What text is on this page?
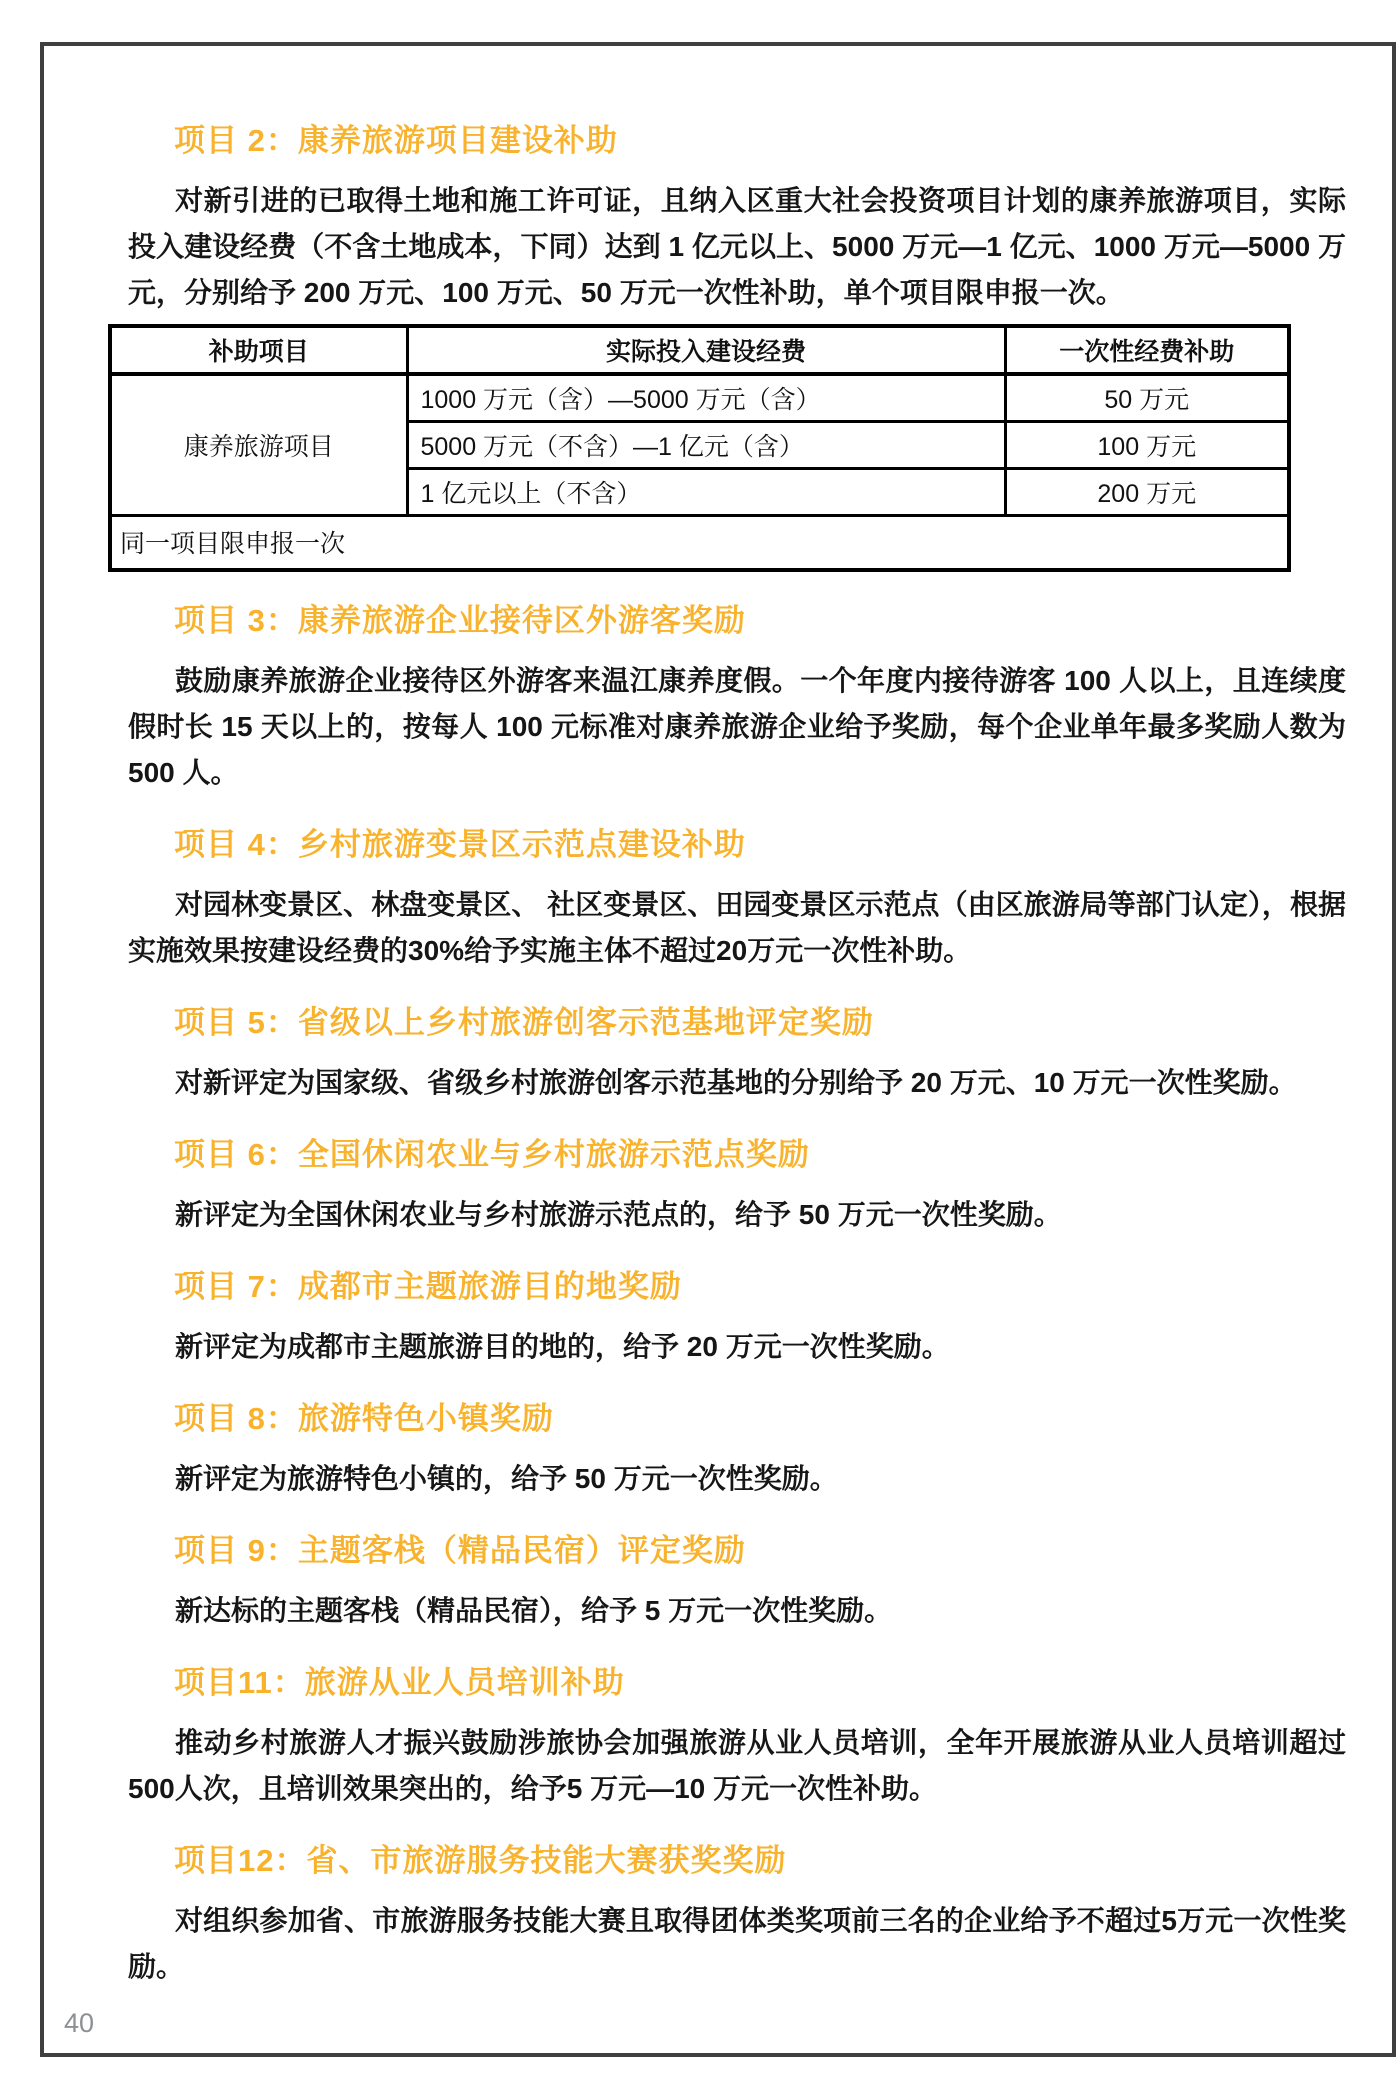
项目 2：康养旅游项目建设补助

对新引进的已取得土地和施工许可证，且纳入区重大社会投资项目计划的康养旅游项目，实际投入建设经费（不含土地成本，下同）达到 1 亿元以上、5000 万元—1 亿元、1000 万元—5000 万元，分别给予 200 万元、100 万元、50 万元一次性补助，单个项目限申报一次。

补助项目	实际投入建设经费	一次性经费补助
康养旅游项目	1000 万元（含）—5000 万元（含）	50 万元
	5000 万元（不含）—1 亿元（含）	100 万元
	1 亿元以上（不含）	200 万元
同一项目限申报一次		
项目 3：康养旅游企业接待区外游客奖励

鼓励康养旅游企业接待区外游客来温江康养度假。一个年度内接待游客 100 人以上，且连续度假时长 15 天以上的，按每人 100 元标准对康养旅游企业给予奖励，每个企业单年最多奖励人数为 500 人。

项目 4：乡村旅游变景区示范点建设补助

对园林变景区、林盘变景区、 社区变景区、田园变景区示范点（由区旅游局等部门认定），根据实施效果按建设经费的30%给予实施主体不超过20万元一次性补助。

项目 5：省级以上乡村旅游创客示范基地评定奖励

对新评定为国家级、省级乡村旅游创客示范基地的分别给予 20 万元、10 万元一次性奖励。

项目 6：全国休闲农业与乡村旅游示范点奖励

新评定为全国休闲农业与乡村旅游示范点的，给予 50 万元一次性奖励。

项目 7：成都市主题旅游目的地奖励

新评定为成都市主题旅游目的地的，给予 20 万元一次性奖励。

项目 8：旅游特色小镇奖励

新评定为旅游特色小镇的，给予 50 万元一次性奖励。

项目 9：主题客栈（精品民宿）评定奖励

新达标的主题客栈（精品民宿），给予 5 万元一次性奖励。

项目11：旅游从业人员培训补助

推动乡村旅游人才振兴鼓励涉旅协会加强旅游从业人员培训，全年开展旅游从业人员培训超过500人次，且培训效果突出的，给予5 万元—10 万元一次性补助。

项目12：省、市旅游服务技能大赛获奖奖励

对组织参加省、市旅游服务技能大赛且取得团体类奖项前三名的企业给予不超过5万元一次性奖励。

40
